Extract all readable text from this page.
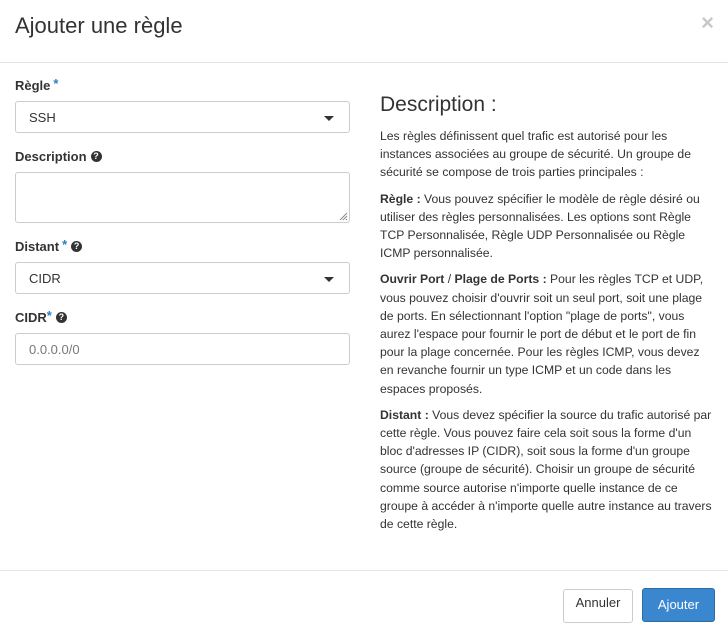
Ajouter une règle	×
Règle *
SSH
Description ?
Distant * ?
CIDR
CIDR* ?
0.0.0.0/0
Description :

Les règles définissent quel trafic est autorisé pour les instances associées au groupe de sécurité. Un groupe de sécurité se compose de trois parties principales :

Règle : Vous pouvez spécifier le modèle de règle désiré ou utiliser des règles personnalisées. Les options sont Règle TCP Personnalisée, Règle UDP Personnalisée ou Règle ICMP personnalisée.

Ouvrir Port / Plage de Ports : Pour les règles TCP et UDP, vous pouvez choisir d'ouvrir soit un seul port, soit une plage de ports. En sélectionnant l'option "plage de ports", vous aurez l'espace pour fournir le port de début et le port de fin pour la plage concernée. Pour les règles ICMP, vous devez en revanche fournir un type ICMP et un code dans les espaces proposés.

Distant : Vous devez spécifier la source du trafic autorisé par cette règle. Vous pouvez faire cela soit sous la forme d'un bloc d'adresses IP (CIDR), soit sous la forme d'un groupe source (groupe de sécurité). Choisir un groupe de sécurité comme source autorise n'importe quelle instance de ce groupe à accéder à n'importe quelle autre instance au travers de cette règle.

Annuler	Ajouter
